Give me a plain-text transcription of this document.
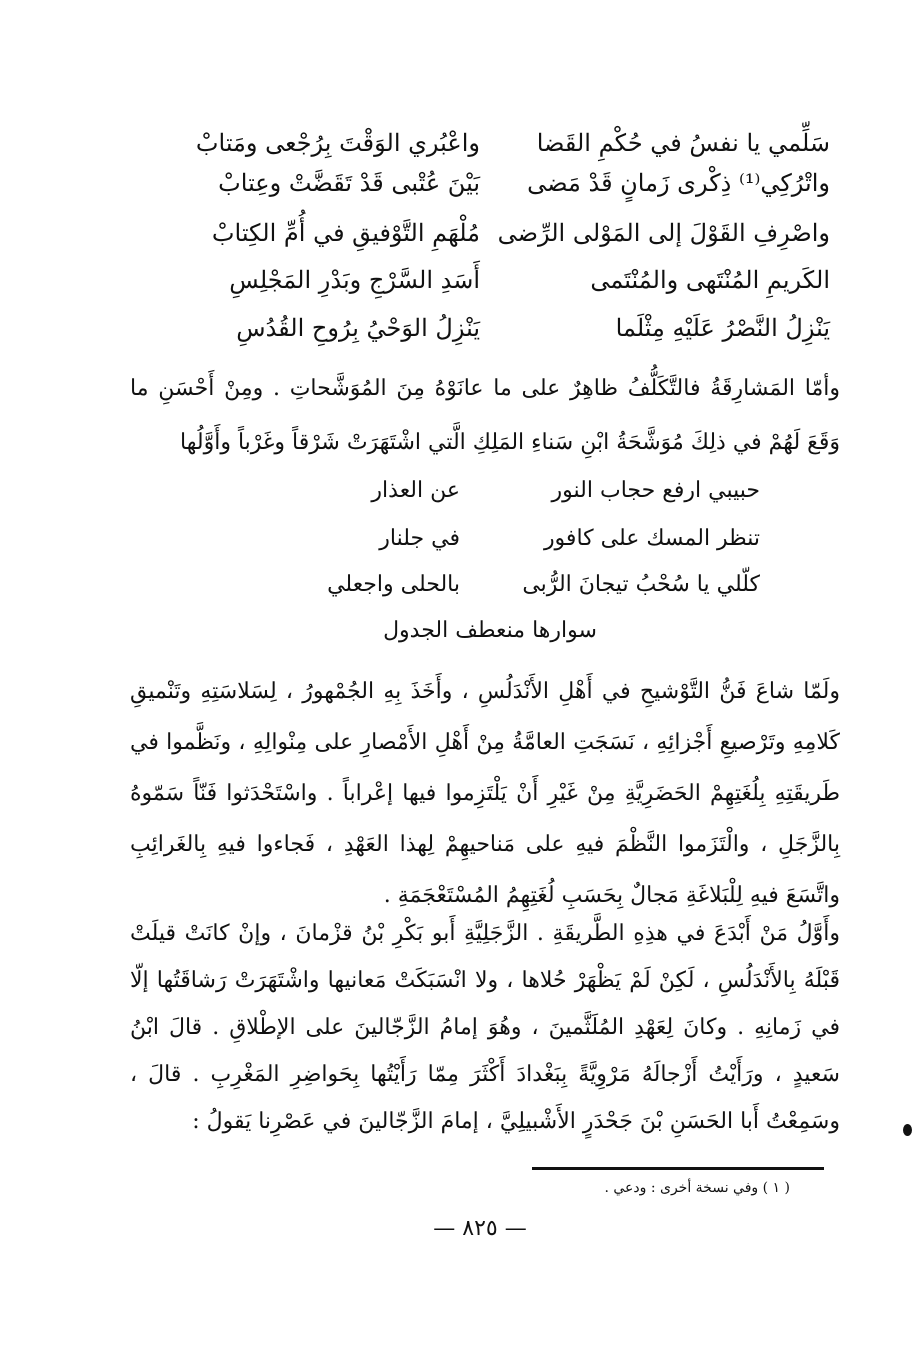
سَلِّمي يا نفسُ في حُكْمِ القَضا
واعْبُري الوَقْتَ بِرُجْعى ومَتابْ
واتْرُكِي⁽¹⁾ ذِكْرى زَمانٍ قَدْ مَضى
بَيْنَ عُتْبى قَدْ تَقَضَّتْ وعِتابْ
واصْرِفِ القَوْلَ إلى المَوْلى الرِّضى
مُلْهَمِ التَّوْفيقِ في أُمِّ الكِتابْ
الكَريمِ المُنْتَهى والمُنْتَمى
أَسَدِ السَّرْجِ وبَدْرِ المَجْلِسِ
يَنْزِلُ النَّصْرُ عَلَيْهِ مِثْلَما
يَنْزِلُ الوَحْيُ بِرُوحِ القُدُسِ

وأمّا المَشارِقَةُ فالتَّكَلُّفُ ظاهِرٌ على ما عانَوْهُ مِنَ المُوَشَّحاتِ . ومِنْ أَحْسَنِ ما وَقَعَ لَهُمْ في ذلِكَ مُوَشَّحَةُ ابْنِ سَناءِ المَلِكِ الَّتي اشْتَهَرَتْ شَرْقاً وغَرْباً وأَوَّلُها

حبيبي ارفع حجاب النور
عن العذار
تنظر المسك على كافور
في جلنار
كلّلي يا سُحْبُ تيجانَ الرُّبى
بالحلى واجعلي
سوارها منعطف الجدول

ولَمّا شاعَ فَنُّ التَّوْشيحِ في أَهْلِ الأَنْدَلُسِ ، وأَخَذَ بِهِ الجُمْهورُ ، لِسَلاسَتِهِ وتَنْميقِ كَلامِهِ وتَرْصيعِ أَجْزائِهِ ، نَسَجَتِ العامَّةُ مِنْ أَهْلِ الأَمْصارِ على مِنْوالِهِ ، ونَظَّموا في طَريقَتِهِ بِلُغَتِهِمْ الحَضَرِيَّةِ مِنْ غَيْرِ أَنْ يَلْتَزِموا فيها إعْراباً . واسْتَحْدَثوا فَنّاً سَمّوهُ بِالزَّجَلِ ، والْتَزَموا النَّظْمَ فيهِ على مَناحيهِمْ لِهذا العَهْدِ ، فَجاءوا فيهِ بِالغَرائِبِ واتَّسَعَ فيهِ لِلْبَلاغَةِ مَجالٌ بِحَسَبِ لُغَتِهِمُ المُسْتَعْجَمَةِ .

وأَوَّلُ مَنْ أَبْدَعَ في هذِهِ الطَّريقَةِ . الزَّجَلِيَّةِ أَبو بَكْرِ بْنُ قزْمانَ ، وإنْ كانَتْ قيلَتْ قَبْلَهُ بِالأَنْدَلُسِ ، لَكِنْ لَمْ يَظْهَرْ حُلاها ، ولا انْسَبَكَتْ مَعانيها واشْتَهَرَتْ رَشاقَتُها إلّا في زَمانِهِ . وكانَ لِعَهْدِ المُلَثَّمينَ ، وهُوَ إمامُ الزَّجّالينَ على الإطْلاقِ . قالَ ابْنُ سَعيدٍ ، ورَأَيْتُ أَزْجالَهُ مَرْوِيَّةً بِبَغْدادَ أَكْثَرَ مِمّا رَأَيْتُها بِحَواضِرِ المَغْرِبِ . قالَ ، وسَمِعْتُ أَبا الحَسَنِ بْنَ جَحْدَرٍ الأَشْبيلِيَّ ، إمامَ الزَّجّالينَ في عَصْرِنا يَقولُ :

( ١ ) وفي نسخة أخرى : ودعي .
— ٨٢٥ —
